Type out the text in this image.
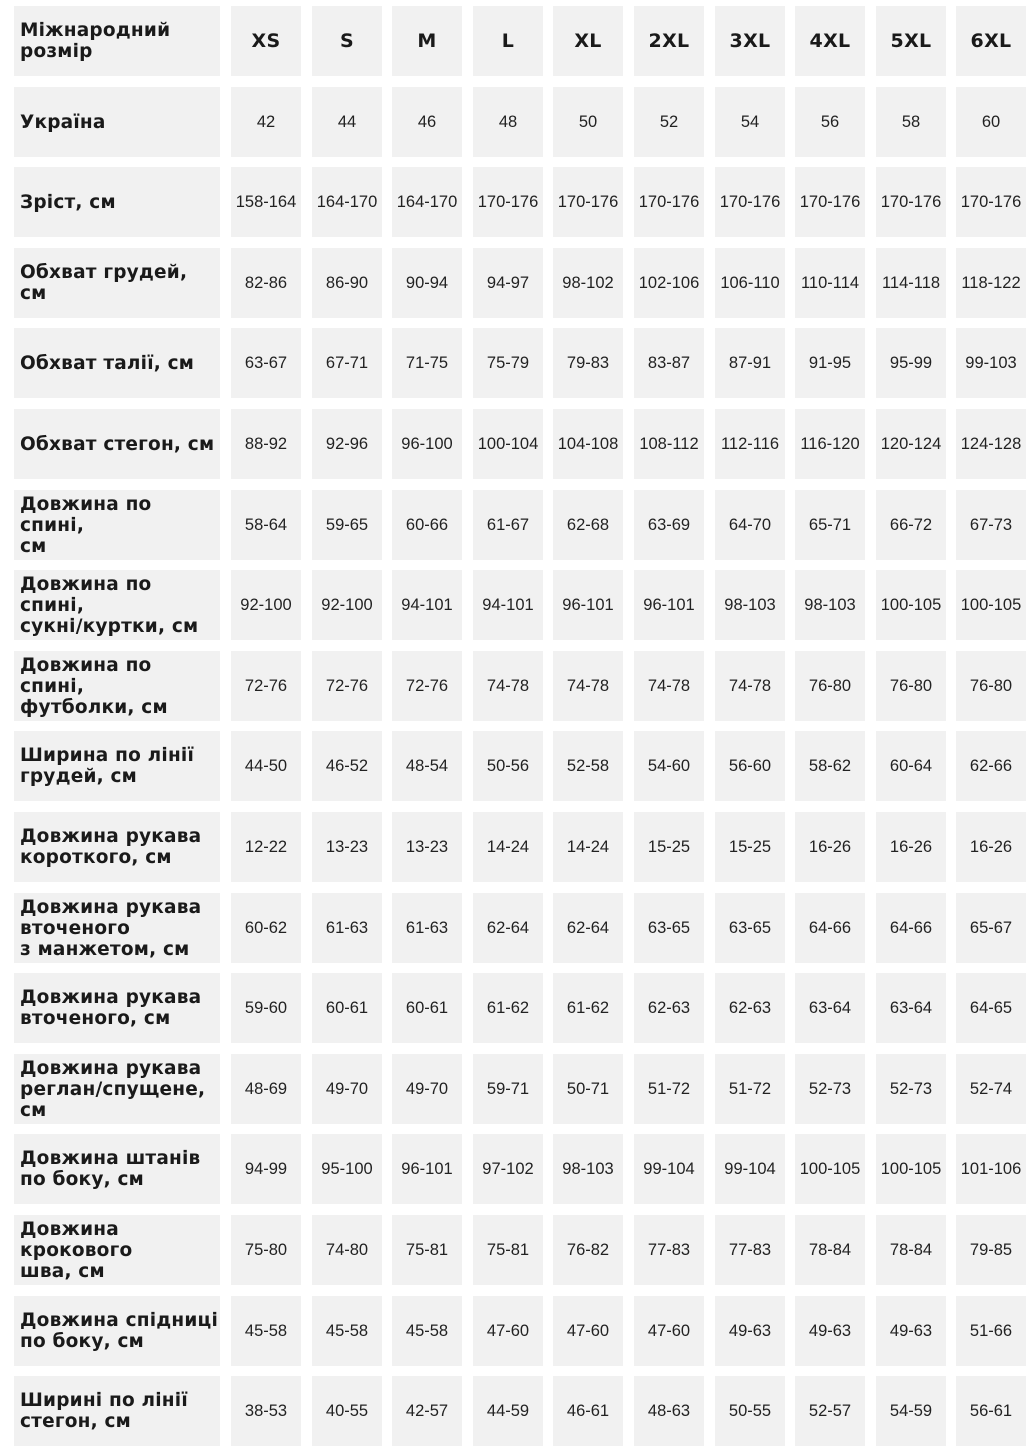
Міжнародний
розмір	XS	S	M	L	XL	2XL	3XL	4XL	5XL	6XL
Україна	42	44	46	48	50	52	54	56	58	60
Зріст, см	158-164 164-170 164-170 170-176 170-176 170-176 170-176 170-176 170-176 170-176
Обхват грудей, см
82-86	86-90	90-94	94-97	98-102	102-106	106-110	110-114	114-118	118-122
Обхват талії, см	63-67	67-71	71-75	75-79	79-83	83-87	87-91	91-95	95-99	99-103
Обхват стегон, см	88-92	92-96	96-100	100-104 104-108	108-112	112-116	116-120	120-124 124-128
Довжина по спині,
см
58-64	59-65	60-66	61-67	62-68	63-69	64-70	65-71	66-72	67-73
Довжина по спині,
сукні/куртки, см
92-100	92-100	94-101	94-101	96-101	96-101	98-103	98-103	100-105 100-105
Довжина по спині,
футболки, см
72-76	72-76	72-76	74-78	74-78	74-78	74-78	76-80	76-80	76-80
Ширина по лінії
грудей, см
44-50	46-52	48-54	50-56	52-58	54-60	56-60	58-62	60-64	62-66
Довжина рукава
короткого, см
12-22	13-23	13-23	14-24	14-24	15-25	15-25	16-26	16-26	16-26
Довжина рукава
вточеного
з манжетом, см
60-62	61-63	61-63	62-64	62-64	63-65	63-65	64-66	64-66	65-67
Довжина рукава
вточеного, см
59-60	60-61	60-61	61-62	61-62	62-63	62-63	63-64	63-64	64-65
Довжина рукава
реглан/спущене, см
48-69	49-70	49-70	59-71	50-71	51-72	51-72	52-73	52-73	52-74
Довжина штанів
по боку, см
94-99	95-100	96-101	97-102	98-103	99-104	99-104	100-105 100-105 101-106
Довжина крокового
шва, см
75-80	74-80	75-81	75-81	76-82	77-83	77-83	78-84	78-84	79-85
Довжина спідниці
по боку, см
45-58	45-58	45-58	47-60	47-60	47-60	49-63	49-63	49-63	51-66
Ширині по лінії
стегон, см
38-53	40-55	42-57	44-59	46-61	48-63	50-55	52-57	54-59	56-61
